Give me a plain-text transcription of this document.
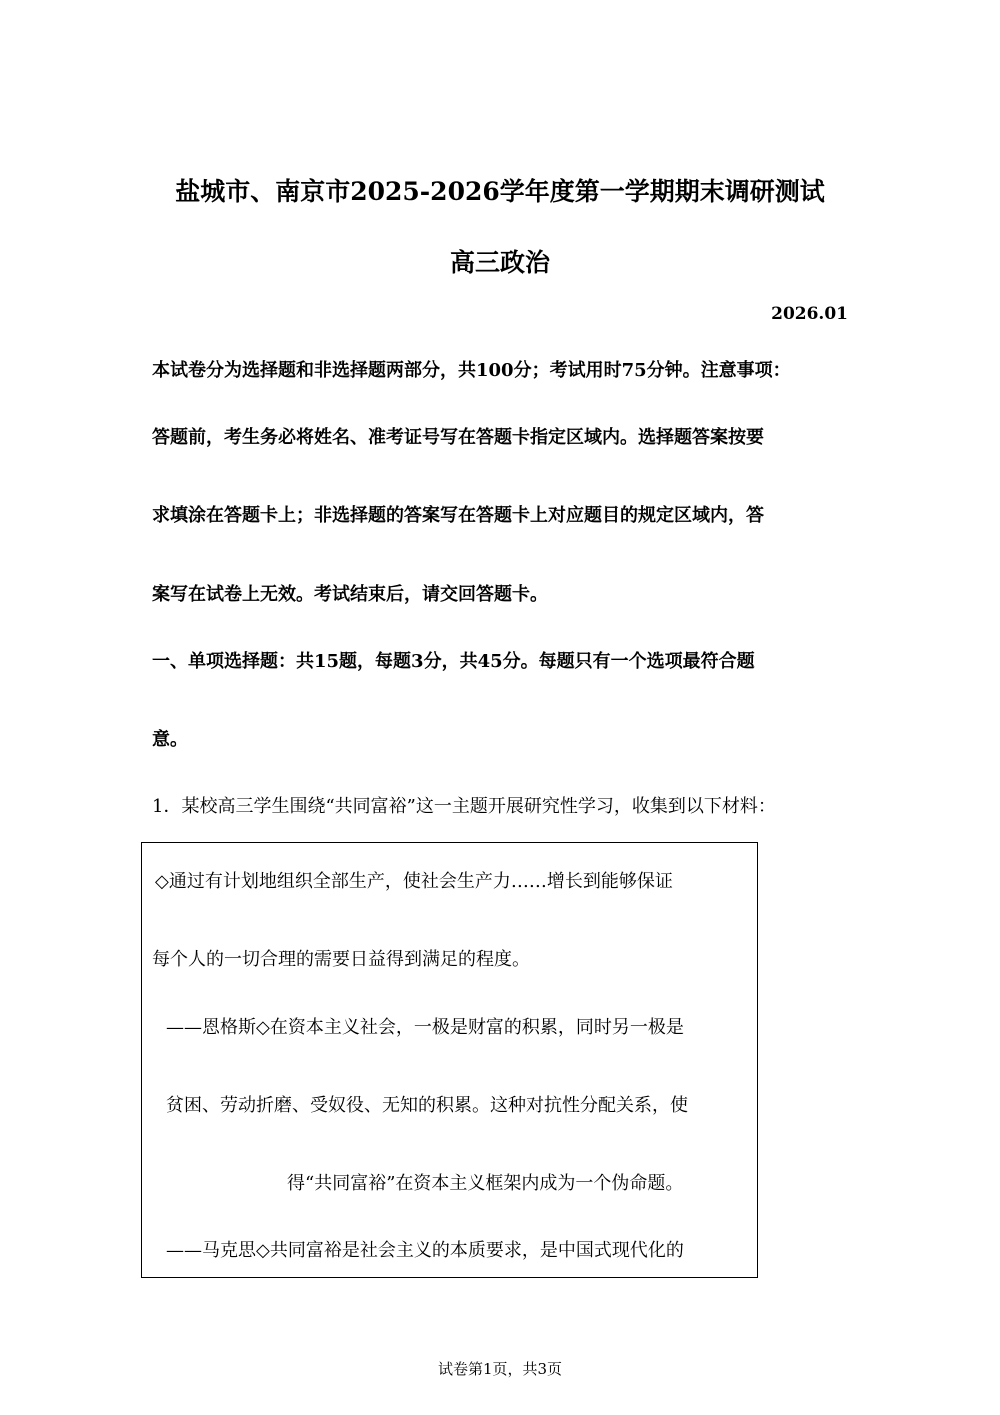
盐城市、南京市2025-2026学年度第一学期期末调研测试
高三政治
2026.01
本试卷分为选择题和非选择题两部分，共100分；考试用时75分钟。注意事项：
答题前，考生务必将姓名、准考证号写在答题卡指定区域内。选择题答案按要
求填涂在答题卡上；非选择题的答案写在答题卡上对应题目的规定区域内，答
案写在试卷上无效。考试结束后，请交回答题卡。
一、单项选择题：共15题，每题3分，共45分。每题只有一个选项最符合题
意。
1．某校高三学生围绕“共同富裕”这一主题开展研究性学习，收集到以下材料：
◇通过有计划地组织全部生产，使社会生产力……增长到能够保证
每个人的一切合理的需要日益得到满足的程度。
——恩格斯◇在资本主义社会，一极是财富的积累，同时另一极是
贫困、劳动折磨、受奴役、无知的积累。这种对抗性分配关系，使
得“共同富裕”在资本主义框架内成为一个伪命题。
——马克思◇共同富裕是社会主义的本质要求，是中国式现代化的
试卷第1页，共3页
